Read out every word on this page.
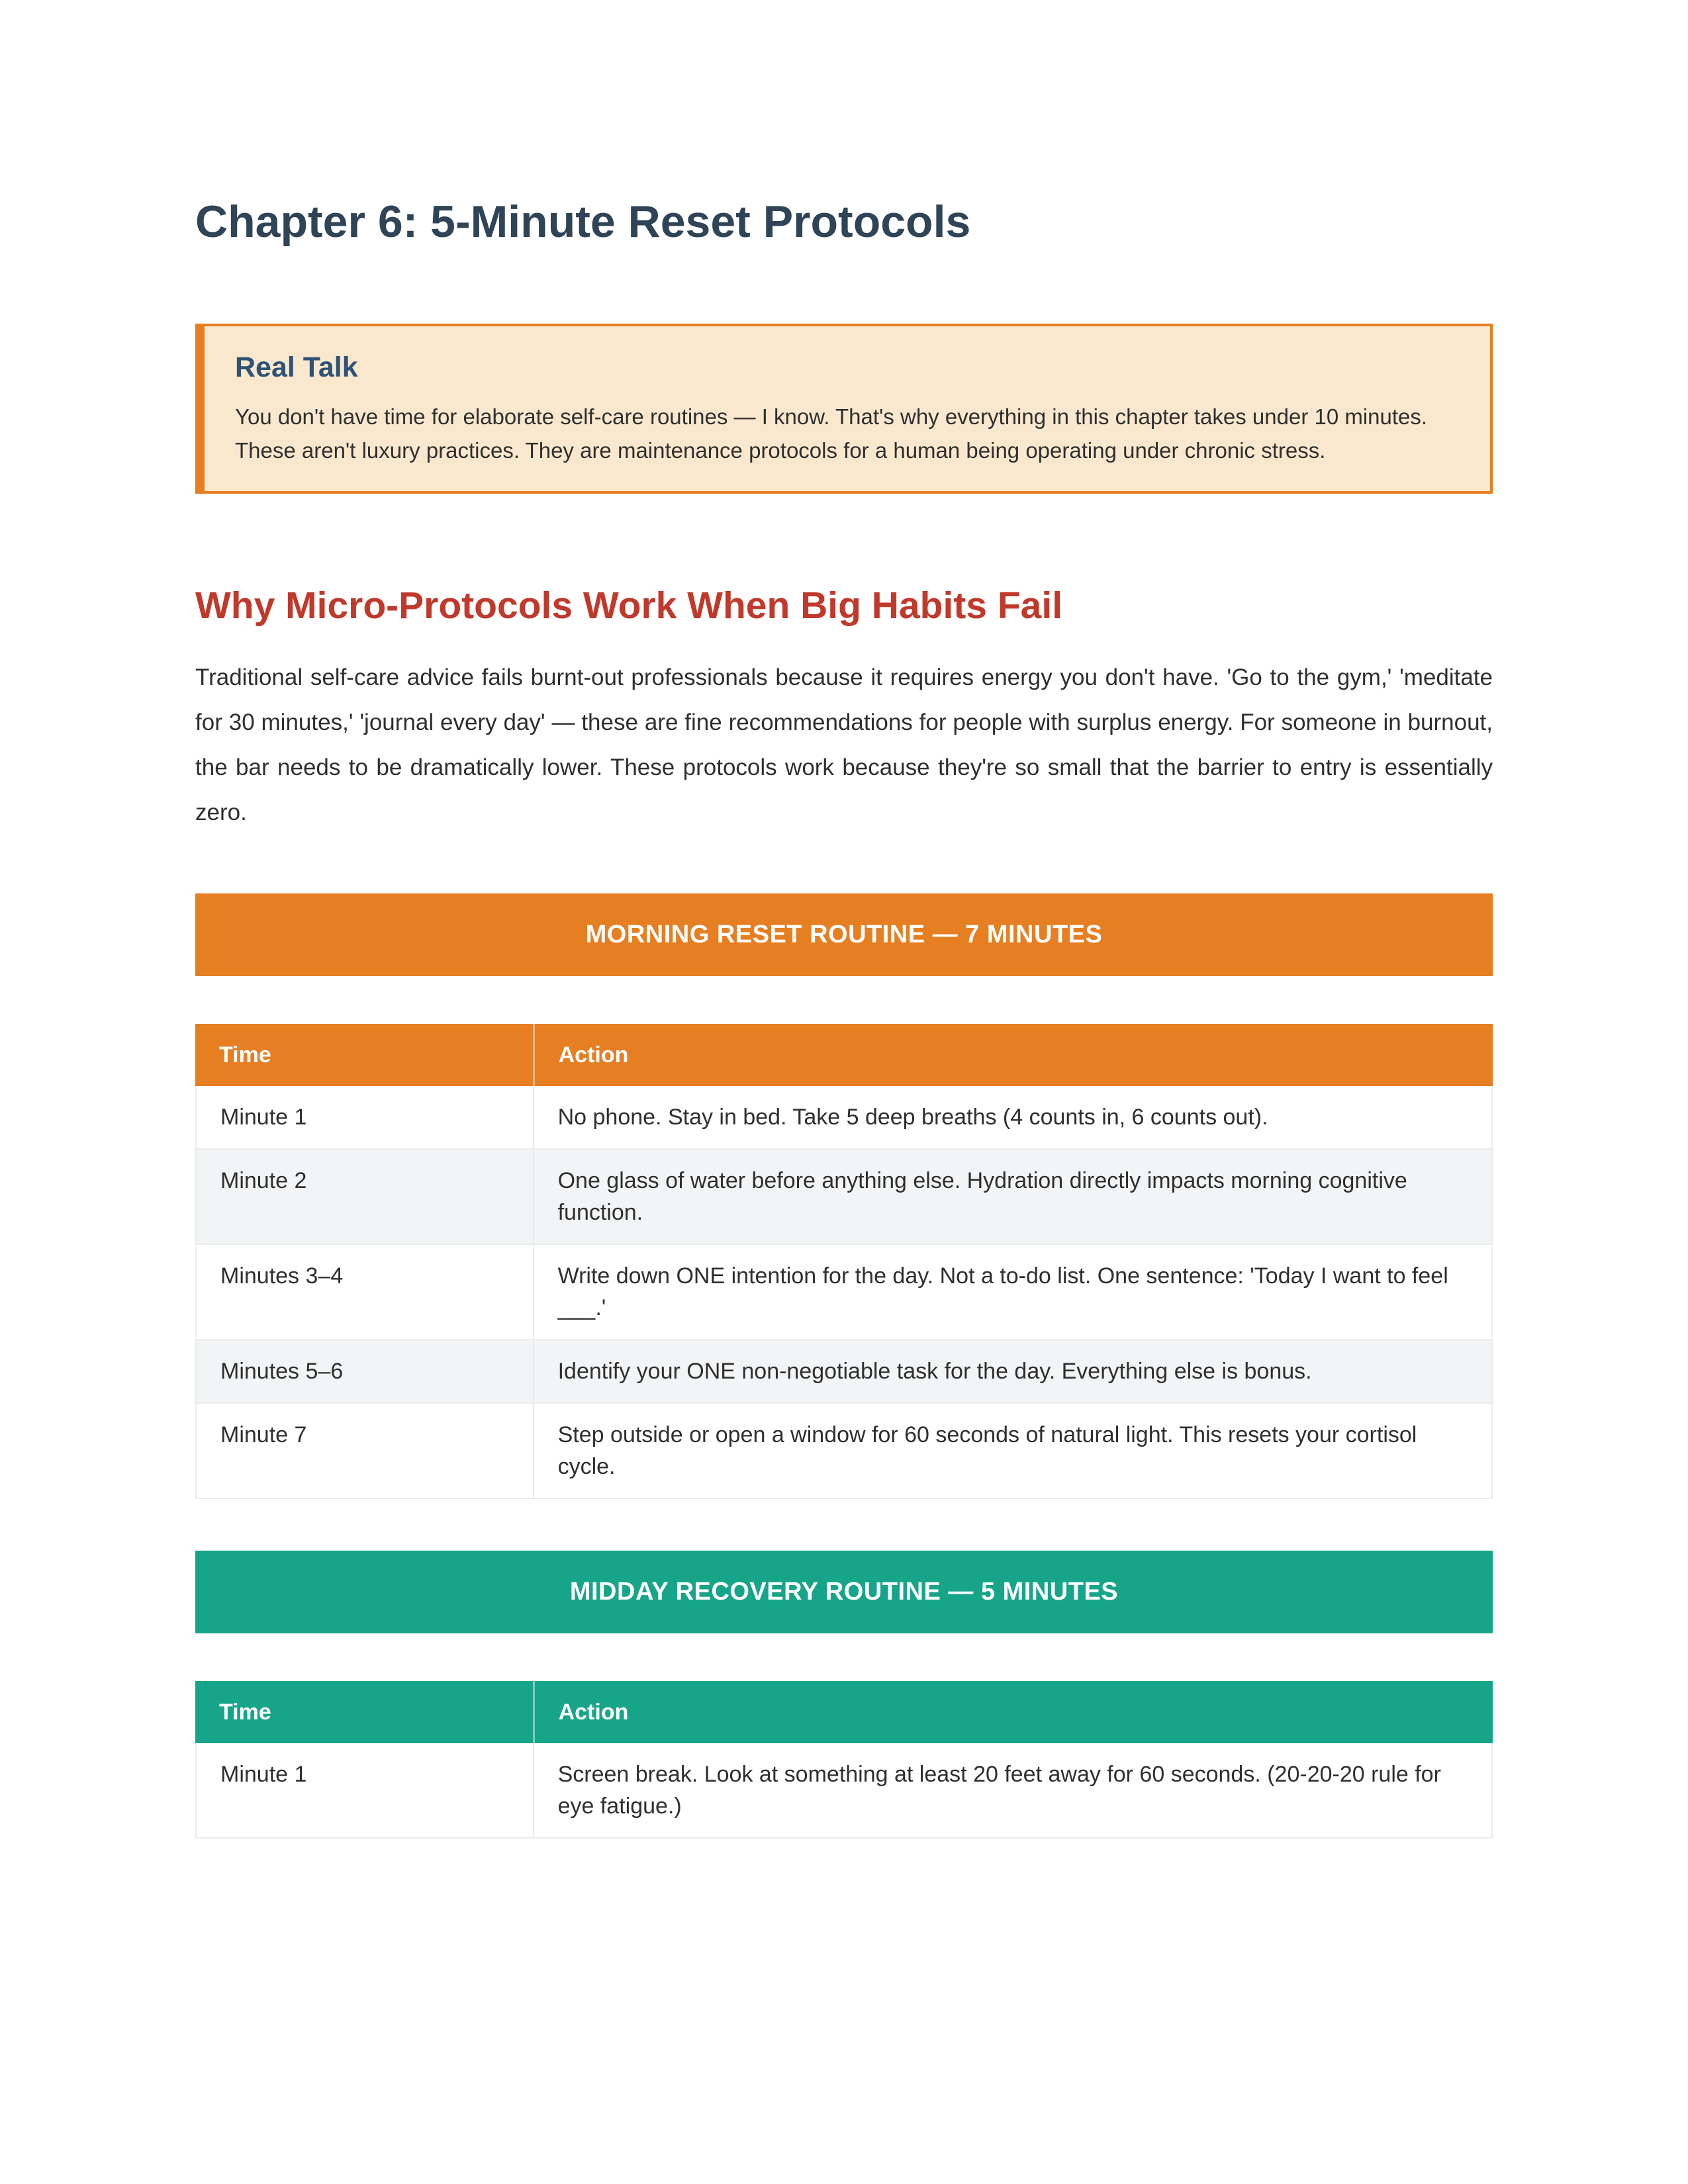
Chapter 6: 5-Minute Reset Protocols
Real Talk

You don't have time for elaborate self-care routines — I know. That's why everything in this chapter takes under 10 minutes. These aren't luxury practices. They are maintenance protocols for a human being operating under chronic stress.

Why Micro-Protocols Work When Big Habits Fail

Traditional self-care advice fails burnt-out professionals because it requires energy you don't have. 'Go to the gym,' 'meditate for 30 minutes,' 'journal every day' — these are fine recommendations for people with surplus energy. For someone in burnout, the bar needs to be dramatically lower. These protocols work because they're so small that the barrier to entry is essentially zero.

MORNING RESET ROUTINE — 7 MINUTES
Time	Action
Minute 1	No phone. Stay in bed. Take 5 deep breaths (4 counts in, 6 counts out).
Minute 2	One glass of water before anything else. Hydration directly impacts morning cognitive function.
Minutes 3–4	Write down ONE intention for the day. Not a to-do list. One sentence: 'Today I want to feel ___.'
Minutes 5–6	Identify your ONE non-negotiable task for the day. Everything else is bonus.
Minute 7	Step outside or open a window for 60 seconds of natural light. This resets your cortisol cycle.
MIDDAY RECOVERY ROUTINE — 5 MINUTES
Time	Action
Minute 1	Screen break. Look at something at least 20 feet away for 60 seconds. (20-20-20 rule for eye fatigue.)
